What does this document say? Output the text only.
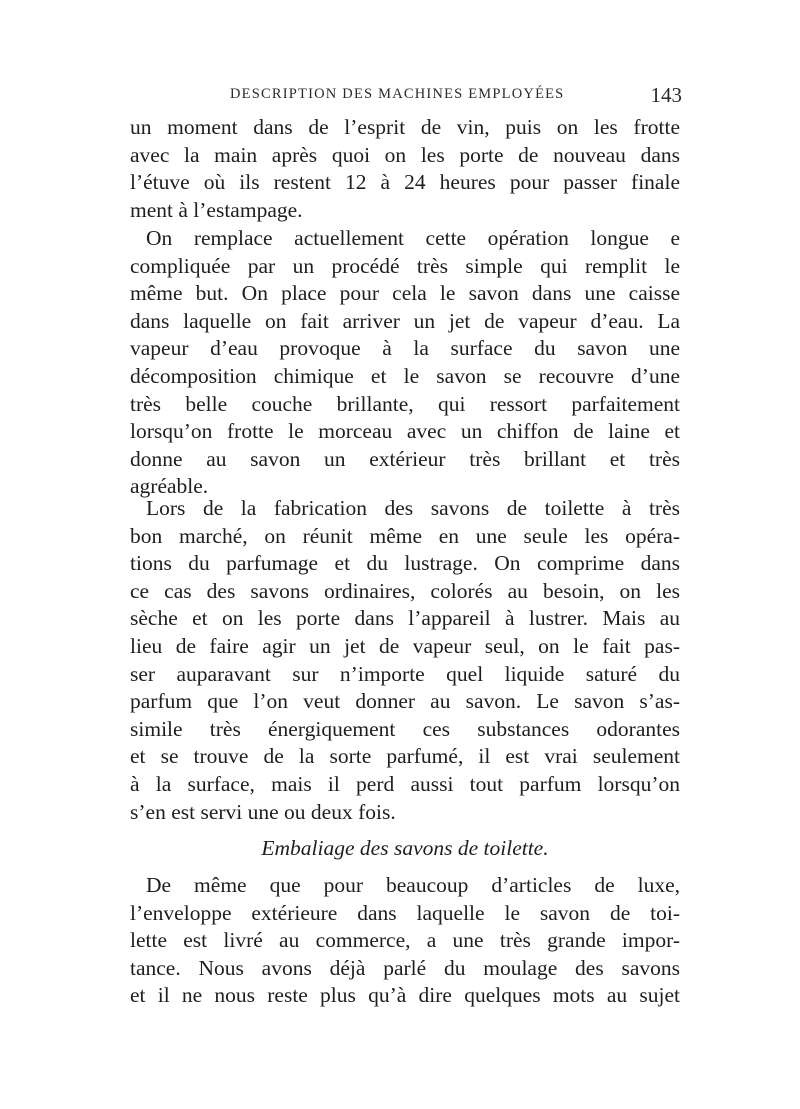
DESCRIPTION DES MACHINES EMPLOYÉES	143
un moment dans de l’esprit de vin, puis on les frotte
avec la main après quoi on les porte de nouveau dans
l’étuve où ils restent 12 à 24 heures pour passer finale
ment à l’estampage.
On remplace actuellement cette opération longue e
compliquée par un procédé très simple qui remplit le
même but. On place pour cela le savon dans une caisse
dans laquelle on fait arriver un jet de vapeur d’eau. La
vapeur d’eau provoque à la surface du savon une
décomposition chimique et le savon se recouvre d’une
très belle couche brillante, qui ressort parfaitement
lorsqu’on frotte le morceau avec un chiffon de laine et
donne au savon un extérieur très brillant et très
agréable.
Lors de la fabrication des savons de toilette à très
bon marché, on réunit même en une seule les opéra-
tions du parfumage et du lustrage. On comprime dans
ce cas des savons ordinaires, colorés au besoin, on les
sèche et on les porte dans l’appareil à lustrer. Mais au
lieu de faire agir un jet de vapeur seul, on le fait pas-
ser auparavant sur n’importe quel liquide saturé du
parfum que l’on veut donner au savon. Le savon s’as-
simile très énergiquement ces substances odorantes
et se trouve de la sorte parfumé, il est vrai seulement
à la surface, mais il perd aussi tout parfum lorsqu’on
s’en est servi une ou deux fois.
Embaliage des savons de toilette.
De même que pour beaucoup d’articles de luxe,
l’enveloppe extérieure dans laquelle le savon de toi-
lette est livré au commerce, a une très grande impor-
tance. Nous avons déjà parlé du moulage des savons
et il ne nous reste plus qu’à dire quelques mots au sujet
